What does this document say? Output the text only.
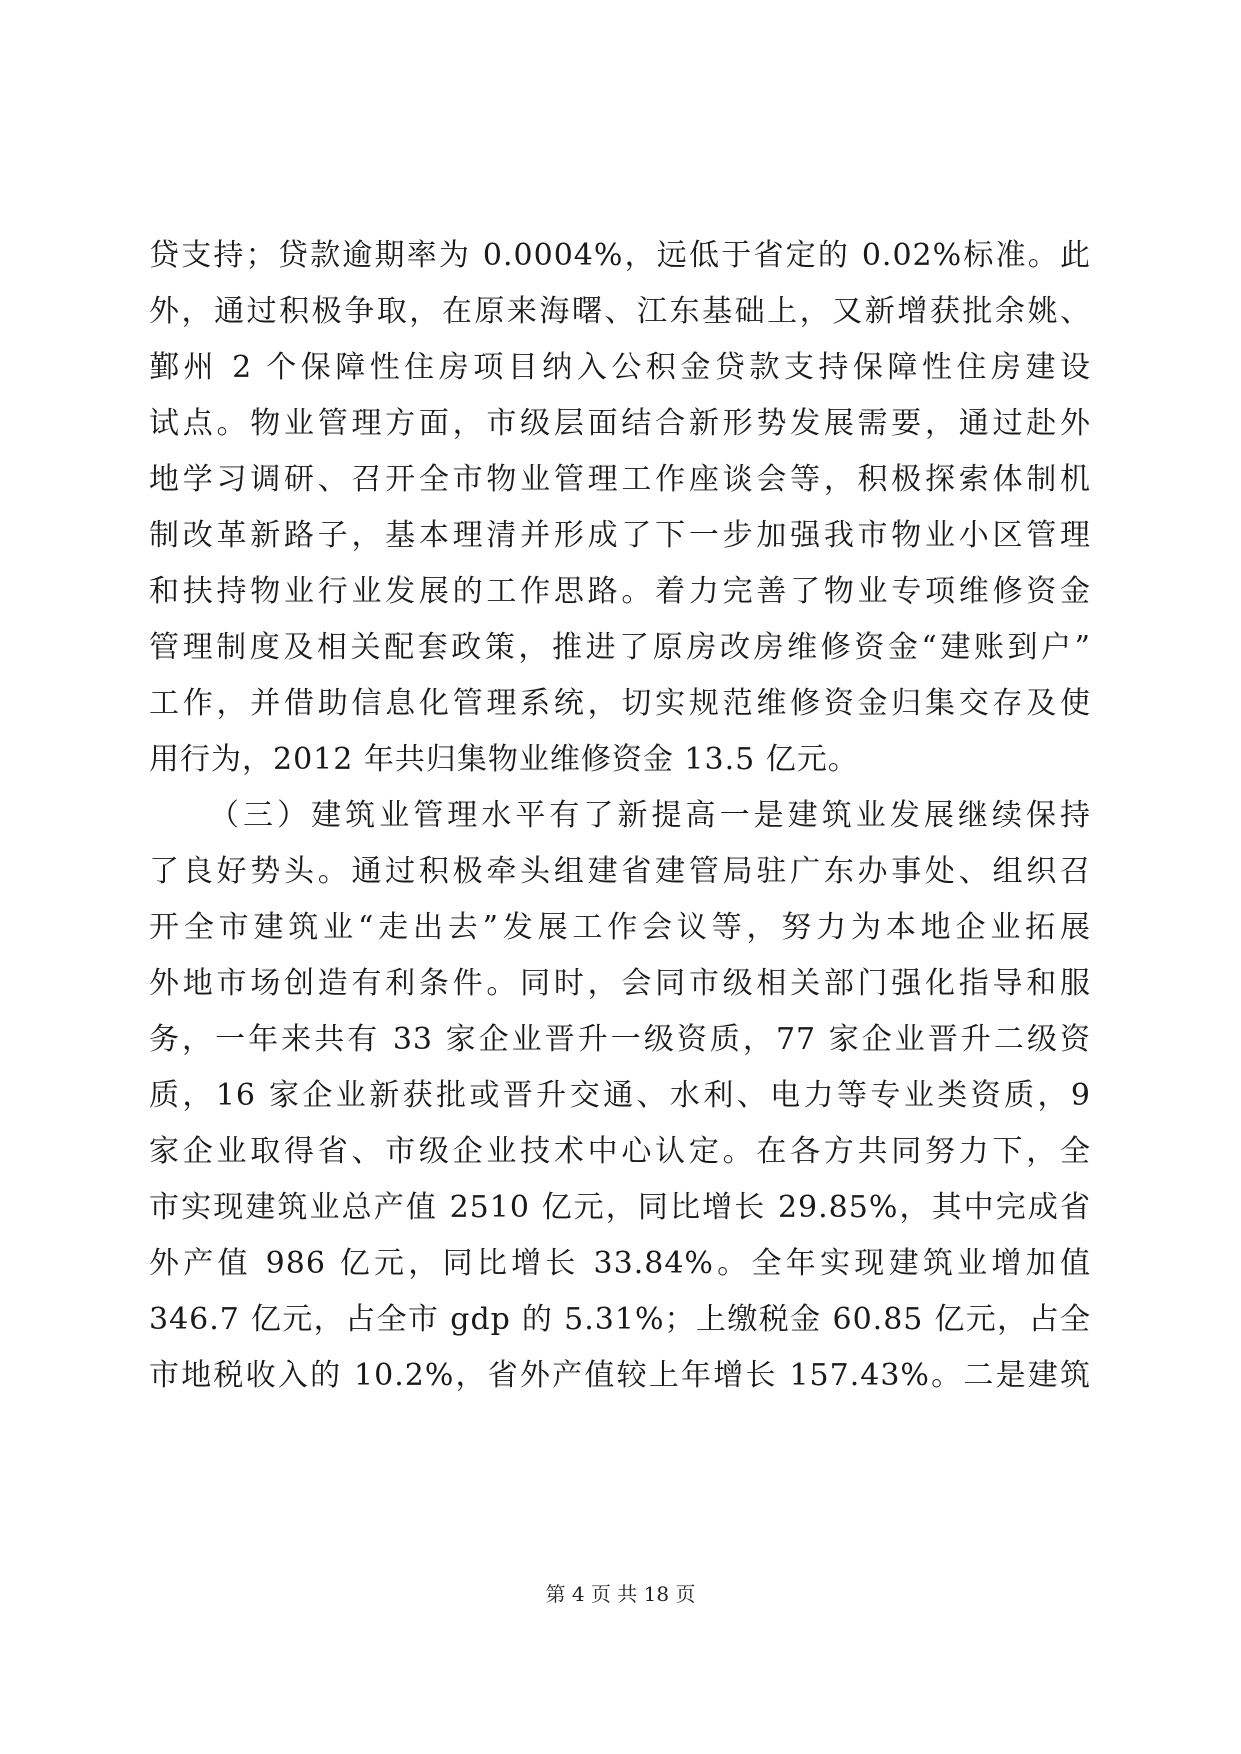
贷支持；贷款逾期率为 0.0004%，远低于省定的 0.02%标准。此
外，通过积极争取，在原来海曙、江东基础上，又新增获批余姚、
鄞州 2 个保障性住房项目纳入公积金贷款支持保障性住房建设
试点。物业管理方面，市级层面结合新形势发展需要，通过赴外
地学习调研、召开全市物业管理工作座谈会等，积极探索体制机
制改革新路子，基本理清并形成了下一步加强我市物业小区管理
和扶持物业行业发展的工作思路。着力完善了物业专项维修资金
管理制度及相关配套政策，推进了原房改房维修资金“建账到户”
工作，并借助信息化管理系统，切实规范维修资金归集交存及使
用行为，2012 年共归集物业维修资金 13.5 亿元。
（三）建筑业管理水平有了新提高一是建筑业发展继续保持
了良好势头。通过积极牵头组建省建管局驻广东办事处、组织召
开全市建筑业“走出去”发展工作会议等，努力为本地企业拓展
外地市场创造有利条件。同时，会同市级相关部门强化指导和服
务，一年来共有 33 家企业晋升一级资质，77 家企业晋升二级资
质，16 家企业新获批或晋升交通、水利、电力等专业类资质，9
家企业取得省、市级企业技术中心认定。在各方共同努力下，全
市实现建筑业总产值 2510 亿元，同比增长 29.85%，其中完成省
外产值 986 亿元，同比增长 33.84%。全年实现建筑业增加值
346.7 亿元，占全市 gdp 的 5.31%；上缴税金 60.85 亿元，占全
市地税收入的 10.2%，省外产值较上年增长 157.43%。二是建筑
第 4 页 共 18 页
